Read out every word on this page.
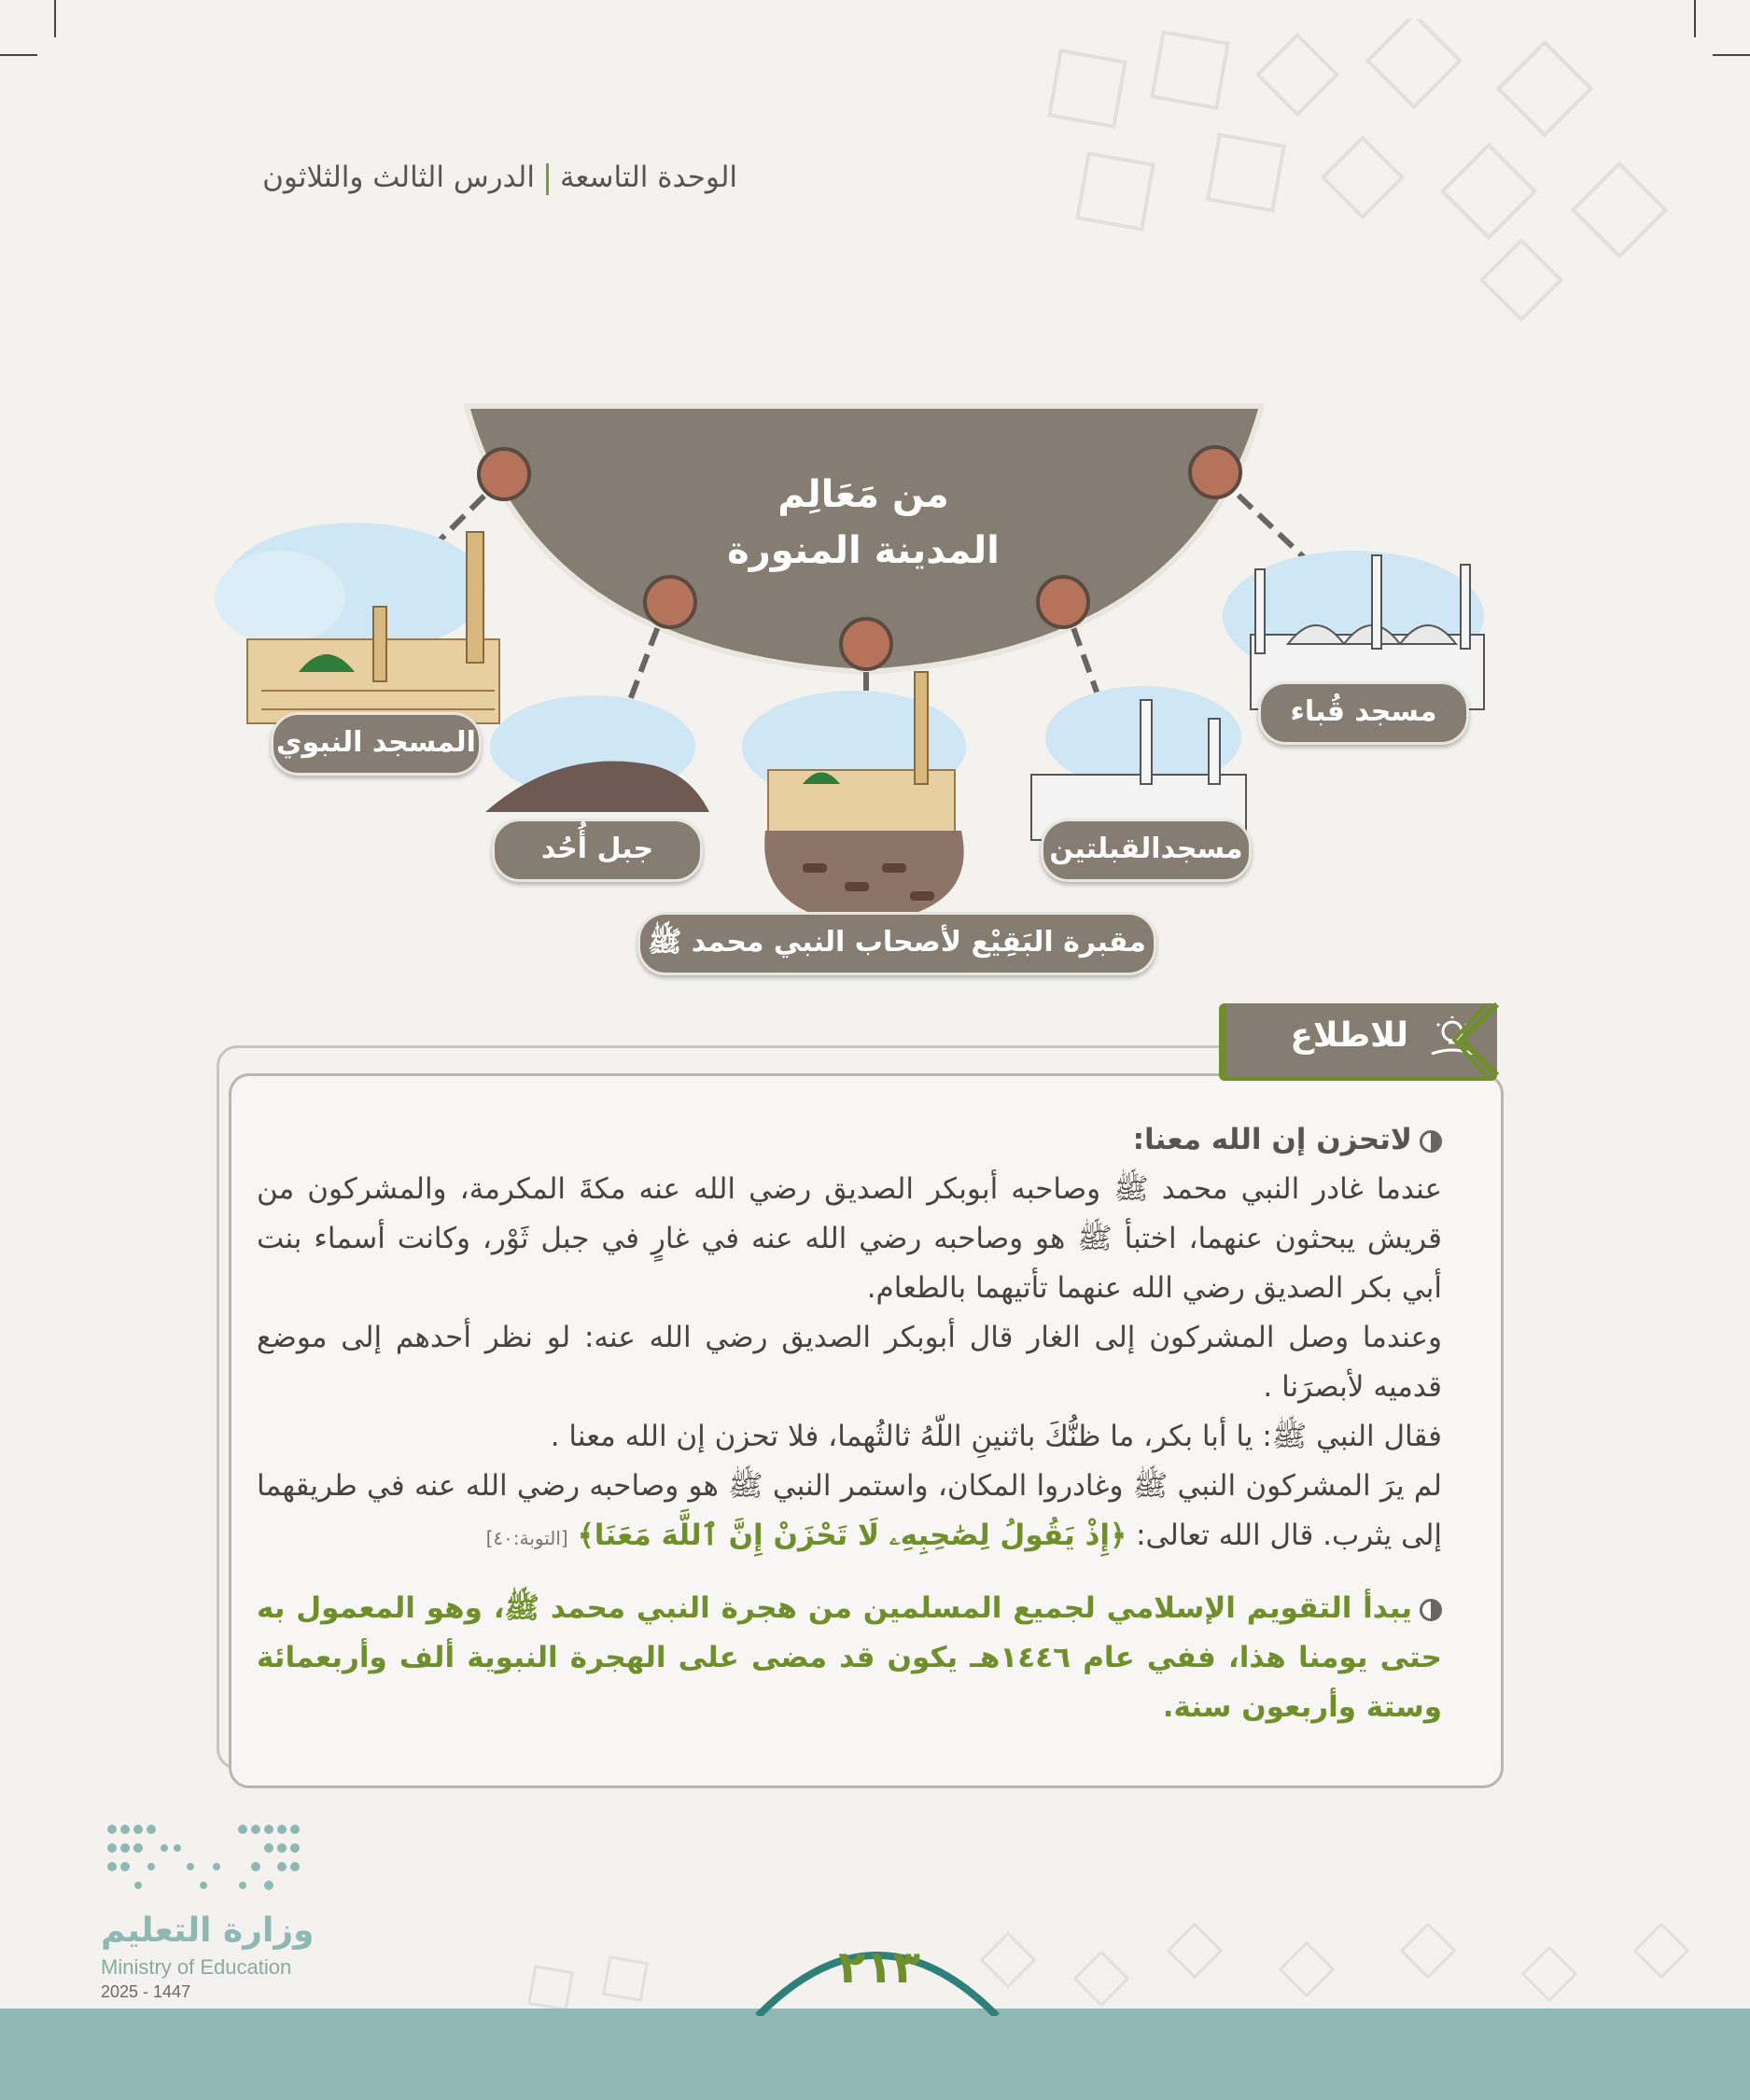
الوحدة التاسعةالدرس الثالث والثلاثون
من مَعَالِم
المدينة المنورة
المسجد النبوي
جبل أُحُد
مقبرة البَقِيْع لأصحاب النبي محمد ﷺ
مسجدالقبلتين
مسجد قُباء
للاطلاع

لاتحزن إن الله معنا:

عندما غادر النبي محمد ﷺ وصاحبه أبوبكر الصديق رضي الله عنه مكةَ المكرمة، والمشركون من قريش يبحثون عنهما، اختبأ ﷺ هو وصاحبه رضي الله عنه في غارٍ في جبل ثَوْر، وكانت أسماء بنت أبي بكر الصديق رضي الله عنهما تأتيهما بالطعام.

وعندما وصل المشركون إلى الغار قال أبوبكر الصديق رضي الله عنه: لو نظر أحدهم إلى موضع قدميه لأبصرَنا .

فقال النبي ﷺ: يا أبا بكر، ما ظنُّكَ باثنينِ اللّهُ ثالثُهما، فلا تحزن إن الله معنا .

لم يرَ المشركون النبي ﷺ وغادروا المكان، واستمر النبي ﷺ هو وصاحبه رضي الله عنه في طريقهما إلى يثرب. قال الله تعالى: ﴿إِذْ يَقُولُ لِصَٰحِبِهِۦ لَا تَحْزَنْ إِنَّ ٱللَّهَ مَعَنَا﴾ [التوبة:٤٠]

يبدأ التقويم الإسلامي لجميع المسلمين من هجرة النبي محمد ﷺ، وهو المعمول به حتى يومنا هذا، ففي عام ١٤٤٦هـ يكون قد مضى على الهجرة النبوية ألف وأربعمائة وستة وأربعون سنة.

٢١٣
وزارة التعليم
Ministry of Education
2025 - 1447
